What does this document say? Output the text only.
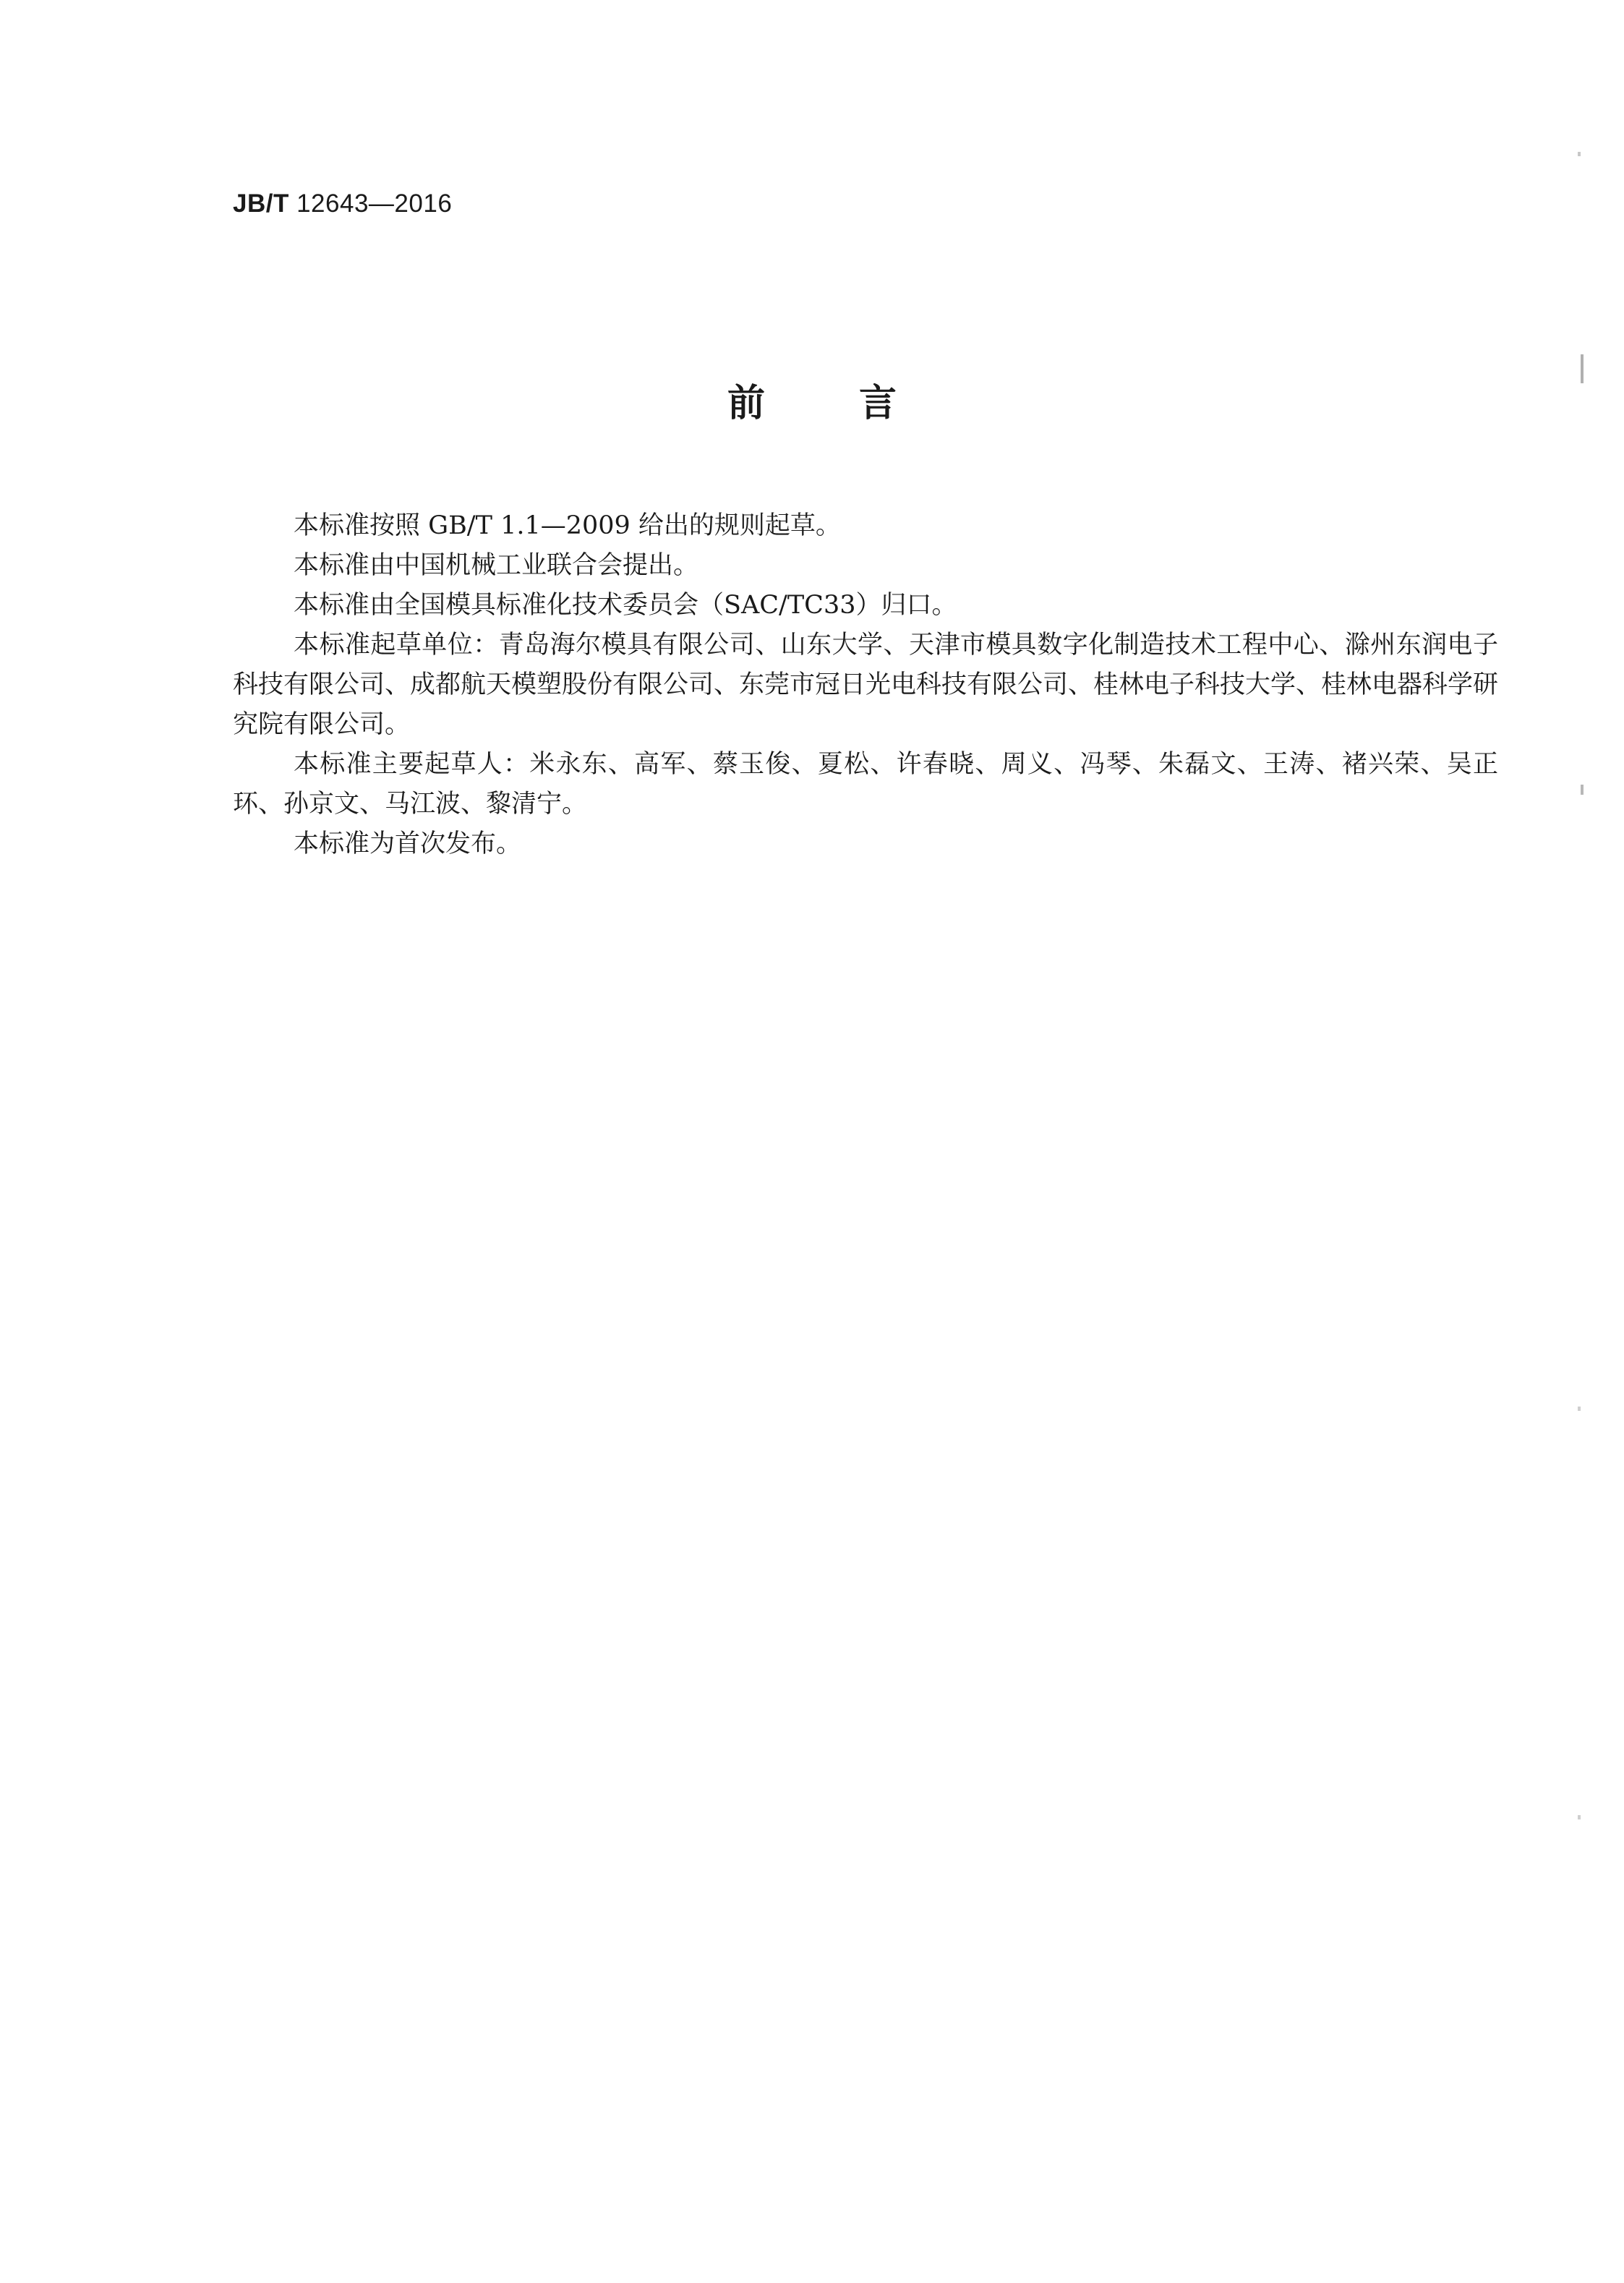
JB/T 12643—2016
前	言

本标准按照 GB/T 1.1—2009 给出的规则起草。

本标准由中国机械工业联合会提出。

本标准由全国模具标准化技术委员会（SAC/TC33）归口。

本标准起草单位：青岛海尔模具有限公司、山东大学、天津市模具数字化制造技术工程中心、滁州东润电子科技有限公司、成都航天模塑股份有限公司、东莞市冠日光电科技有限公司、桂林电子科技大学、桂林电器科学研究院有限公司。

本标准主要起草人：米永东、高军、蔡玉俊、夏松、许春晓、周义、冯琴、朱磊文、王涛、褚兴荣、吴正环、孙京文、马江波、黎清宁。

本标准为首次发布。
